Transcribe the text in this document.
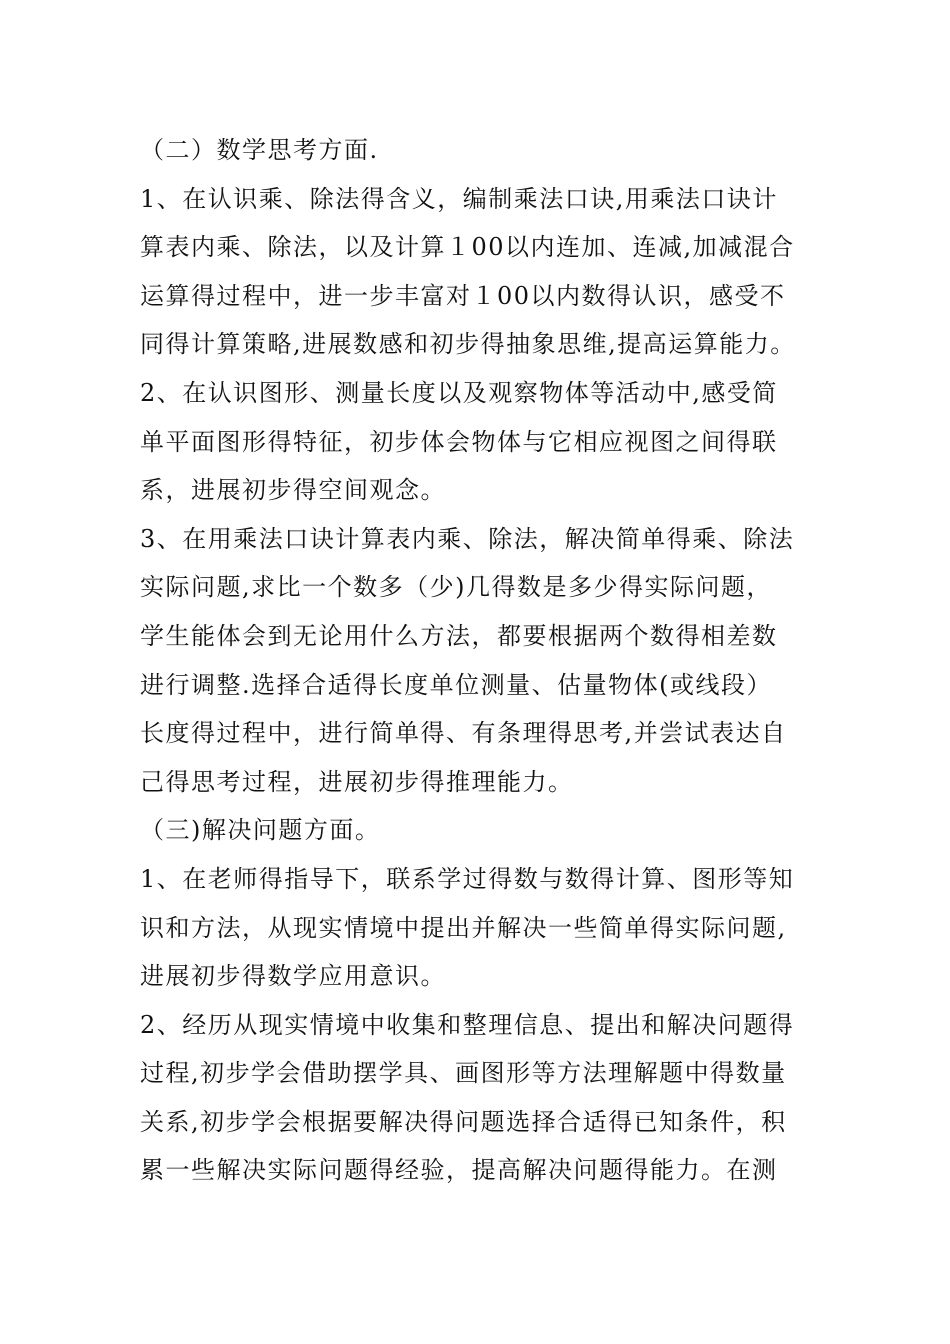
（二）数学思考方面.
1、在认识乘、除法得含义，编制乘法口诀,用乘法口诀计
算表内乘、除法，以及计算１00以内连加、连减,加减混合
运算得过程中，进一步丰富对１00以内数得认识，感受不
同得计算策略,进展数感和初步得抽象思维,提高运算能力。
2、在认识图形、测量长度以及观察物体等活动中,感受简
单平面图形得特征，初步体会物体与它相应视图之间得联
系，进展初步得空间观念。
3、在用乘法口诀计算表内乘、除法，解决简单得乘、除法
实际问题,求比一个数多（少)几得数是多少得实际问题，
学生能体会到无论用什么方法，都要根据两个数得相差数
进行调整.选择合适得长度单位测量、估量物体(或线段）
长度得过程中，进行简单得、有条理得思考,并尝试表达自
己得思考过程，进展初步得推理能力。
（三)解决问题方面。
1、在老师得指导下，联系学过得数与数得计算、图形等知
识和方法，从现实情境中提出并解决一些简单得实际问题,
进展初步得数学应用意识。
2、经历从现实情境中收集和整理信息、提出和解决问题得
过程,初步学会借助摆学具、画图形等方法理解题中得数量
关系,初步学会根据要解决得问题选择合适得已知条件，积
累一些解决实际问题得经验，提高解决问题得能力。在测
